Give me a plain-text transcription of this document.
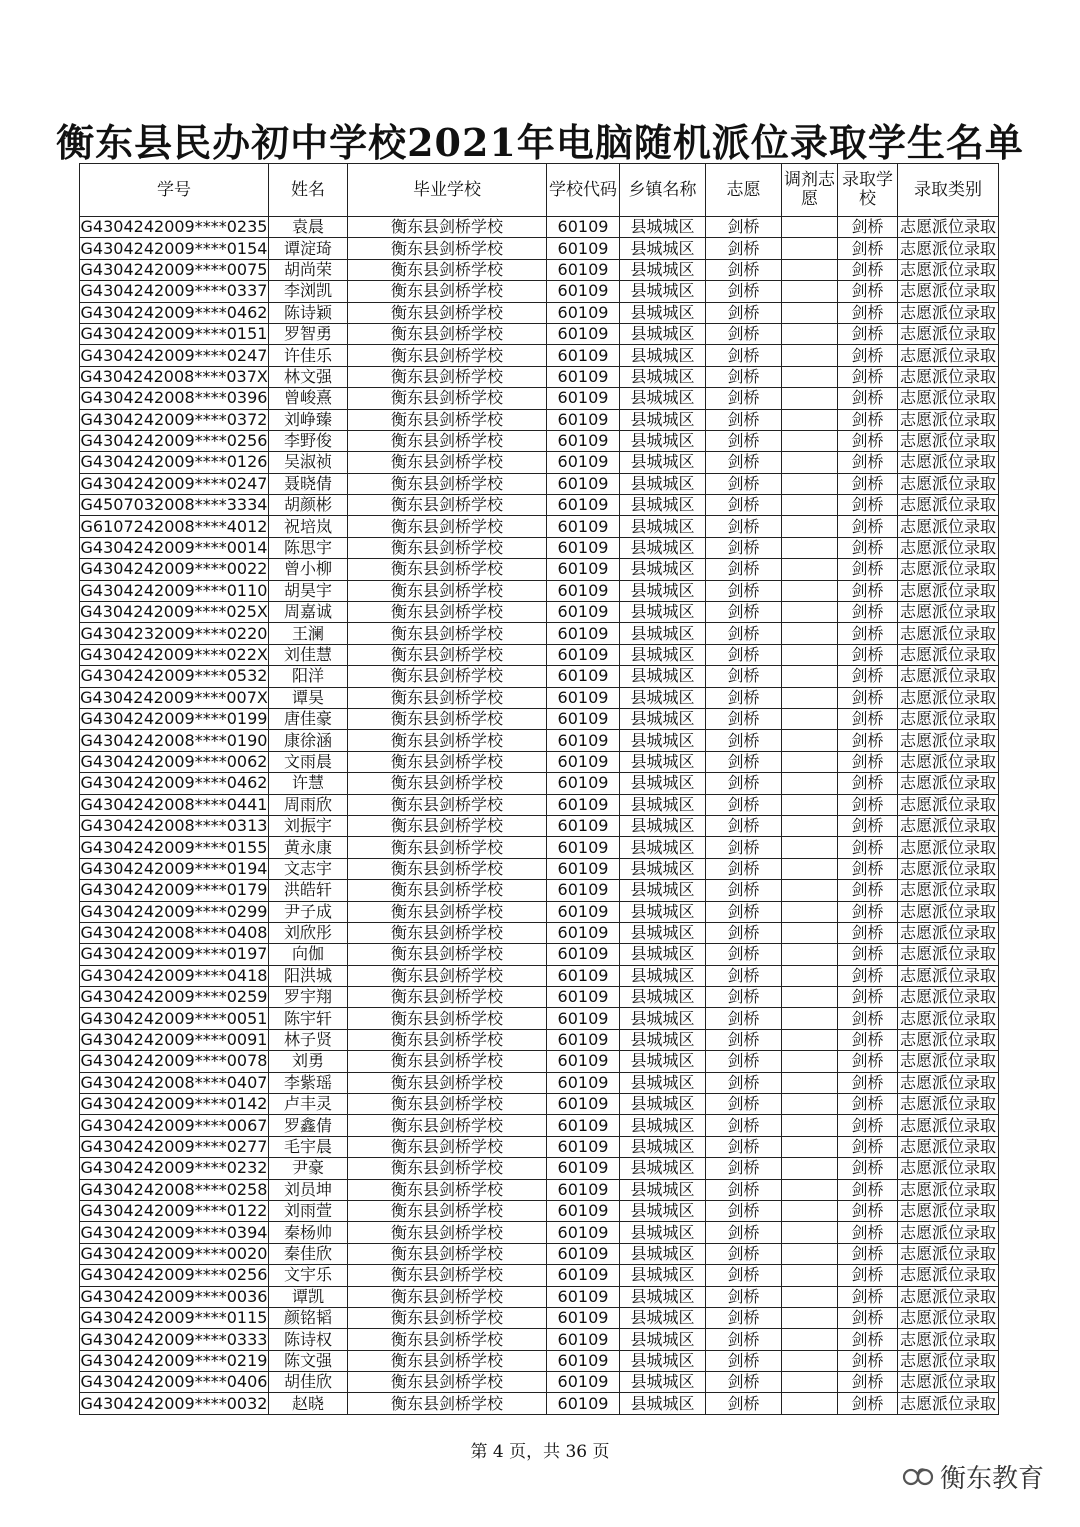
衡东县民办初中学校2021年电脑随机派位录取学生名单
学号	姓名	毕业学校	学校代码	乡镇名称	志愿	调剂志愿	录取学校	录取类别
G4304242009****0235	袁晨	衡东县剑桥学校	60109	县城城区	剑桥		剑桥	志愿派位录取
G4304242009****0154	谭淀琦	衡东县剑桥学校	60109	县城城区	剑桥		剑桥	志愿派位录取
G4304242009****0075	胡尚荣	衡东县剑桥学校	60109	县城城区	剑桥		剑桥	志愿派位录取
G4304242009****0337	李浏凯	衡东县剑桥学校	60109	县城城区	剑桥		剑桥	志愿派位录取
G4304242009****0462	陈诗颖	衡东县剑桥学校	60109	县城城区	剑桥		剑桥	志愿派位录取
G4304242009****0151	罗智勇	衡东县剑桥学校	60109	县城城区	剑桥		剑桥	志愿派位录取
G4304242009****0247	许佳乐	衡东县剑桥学校	60109	县城城区	剑桥		剑桥	志愿派位录取
G4304242008****037X	林文强	衡东县剑桥学校	60109	县城城区	剑桥		剑桥	志愿派位录取
G4304242008****0396	曾峻熹	衡东县剑桥学校	60109	县城城区	剑桥		剑桥	志愿派位录取
G4304242009****0372	刘峥臻	衡东县剑桥学校	60109	县城城区	剑桥		剑桥	志愿派位录取
G4304242009****0256	李野俊	衡东县剑桥学校	60109	县城城区	剑桥		剑桥	志愿派位录取
G4304242009****0126	吴淑祯	衡东县剑桥学校	60109	县城城区	剑桥		剑桥	志愿派位录取
G4304242009****0247	聂晓倩	衡东县剑桥学校	60109	县城城区	剑桥		剑桥	志愿派位录取
G4507032008****3334	胡颜彬	衡东县剑桥学校	60109	县城城区	剑桥		剑桥	志愿派位录取
G6107242008****4012	祝培岚	衡东县剑桥学校	60109	县城城区	剑桥		剑桥	志愿派位录取
G4304242009****0014	陈思宇	衡东县剑桥学校	60109	县城城区	剑桥		剑桥	志愿派位录取
G4304242009****0022	曾小柳	衡东县剑桥学校	60109	县城城区	剑桥		剑桥	志愿派位录取
G4304242009****0110	胡昊宇	衡东县剑桥学校	60109	县城城区	剑桥		剑桥	志愿派位录取
G4304242009****025X	周嘉诚	衡东县剑桥学校	60109	县城城区	剑桥		剑桥	志愿派位录取
G4304232009****0220	王澜	衡东县剑桥学校	60109	县城城区	剑桥		剑桥	志愿派位录取
G4304242009****022X	刘佳慧	衡东县剑桥学校	60109	县城城区	剑桥		剑桥	志愿派位录取
G4304242009****0532	阳洋	衡东县剑桥学校	60109	县城城区	剑桥		剑桥	志愿派位录取
G4304242009****007X	谭昊	衡东县剑桥学校	60109	县城城区	剑桥		剑桥	志愿派位录取
G4304242009****0199	唐佳豪	衡东县剑桥学校	60109	县城城区	剑桥		剑桥	志愿派位录取
G4304242008****0190	康徐涵	衡东县剑桥学校	60109	县城城区	剑桥		剑桥	志愿派位录取
G4304242009****0062	文雨晨	衡东县剑桥学校	60109	县城城区	剑桥		剑桥	志愿派位录取
G4304242009****0462	许慧	衡东县剑桥学校	60109	县城城区	剑桥		剑桥	志愿派位录取
G4304242008****0441	周雨欣	衡东县剑桥学校	60109	县城城区	剑桥		剑桥	志愿派位录取
G4304242008****0313	刘振宇	衡东县剑桥学校	60109	县城城区	剑桥		剑桥	志愿派位录取
G4304242009****0155	黄永康	衡东县剑桥学校	60109	县城城区	剑桥		剑桥	志愿派位录取
G4304242009****0194	文志宇	衡东县剑桥学校	60109	县城城区	剑桥		剑桥	志愿派位录取
G4304242009****0179	洪皓轩	衡东县剑桥学校	60109	县城城区	剑桥		剑桥	志愿派位录取
G4304242009****0299	尹子成	衡东县剑桥学校	60109	县城城区	剑桥		剑桥	志愿派位录取
G4304242008****0408	刘欣彤	衡东县剑桥学校	60109	县城城区	剑桥		剑桥	志愿派位录取
G4304242009****0197	向伽	衡东县剑桥学校	60109	县城城区	剑桥		剑桥	志愿派位录取
G4304242009****0418	阳洪城	衡东县剑桥学校	60109	县城城区	剑桥		剑桥	志愿派位录取
G4304242009****0259	罗宇翔	衡东县剑桥学校	60109	县城城区	剑桥		剑桥	志愿派位录取
G4304242009****0051	陈宇轩	衡东县剑桥学校	60109	县城城区	剑桥		剑桥	志愿派位录取
G4304242009****0091	林子贤	衡东县剑桥学校	60109	县城城区	剑桥		剑桥	志愿派位录取
G4304242009****0078	刘勇	衡东县剑桥学校	60109	县城城区	剑桥		剑桥	志愿派位录取
G4304242008****0407	李紫瑶	衡东县剑桥学校	60109	县城城区	剑桥		剑桥	志愿派位录取
G4304242009****0142	卢丰灵	衡东县剑桥学校	60109	县城城区	剑桥		剑桥	志愿派位录取
G4304242009****0067	罗鑫倩	衡东县剑桥学校	60109	县城城区	剑桥		剑桥	志愿派位录取
G4304242009****0277	毛宇晨	衡东县剑桥学校	60109	县城城区	剑桥		剑桥	志愿派位录取
G4304242009****0232	尹豪	衡东县剑桥学校	60109	县城城区	剑桥		剑桥	志愿派位录取
G4304242008****0258	刘员坤	衡东县剑桥学校	60109	县城城区	剑桥		剑桥	志愿派位录取
G4304242009****0122	刘雨萱	衡东县剑桥学校	60109	县城城区	剑桥		剑桥	志愿派位录取
G4304242009****0394	秦杨帅	衡东县剑桥学校	60109	县城城区	剑桥		剑桥	志愿派位录取
G4304242009****0020	秦佳欣	衡东县剑桥学校	60109	县城城区	剑桥		剑桥	志愿派位录取
G4304242009****0256	文宇乐	衡东县剑桥学校	60109	县城城区	剑桥		剑桥	志愿派位录取
G4304242009****0036	谭凯	衡东县剑桥学校	60109	县城城区	剑桥		剑桥	志愿派位录取
G4304242009****0115	颜铭韬	衡东县剑桥学校	60109	县城城区	剑桥		剑桥	志愿派位录取
G4304242009****0333	陈诗权	衡东县剑桥学校	60109	县城城区	剑桥		剑桥	志愿派位录取
G4304242009****0219	陈文强	衡东县剑桥学校	60109	县城城区	剑桥		剑桥	志愿派位录取
G4304242009****0406	胡佳欣	衡东县剑桥学校	60109	县城城区	剑桥		剑桥	志愿派位录取
G4304242009****0032	赵晓	衡东县剑桥学校	60109	县城城区	剑桥		剑桥	志愿派位录取
第 4 页，共 36 页
衡东教育
